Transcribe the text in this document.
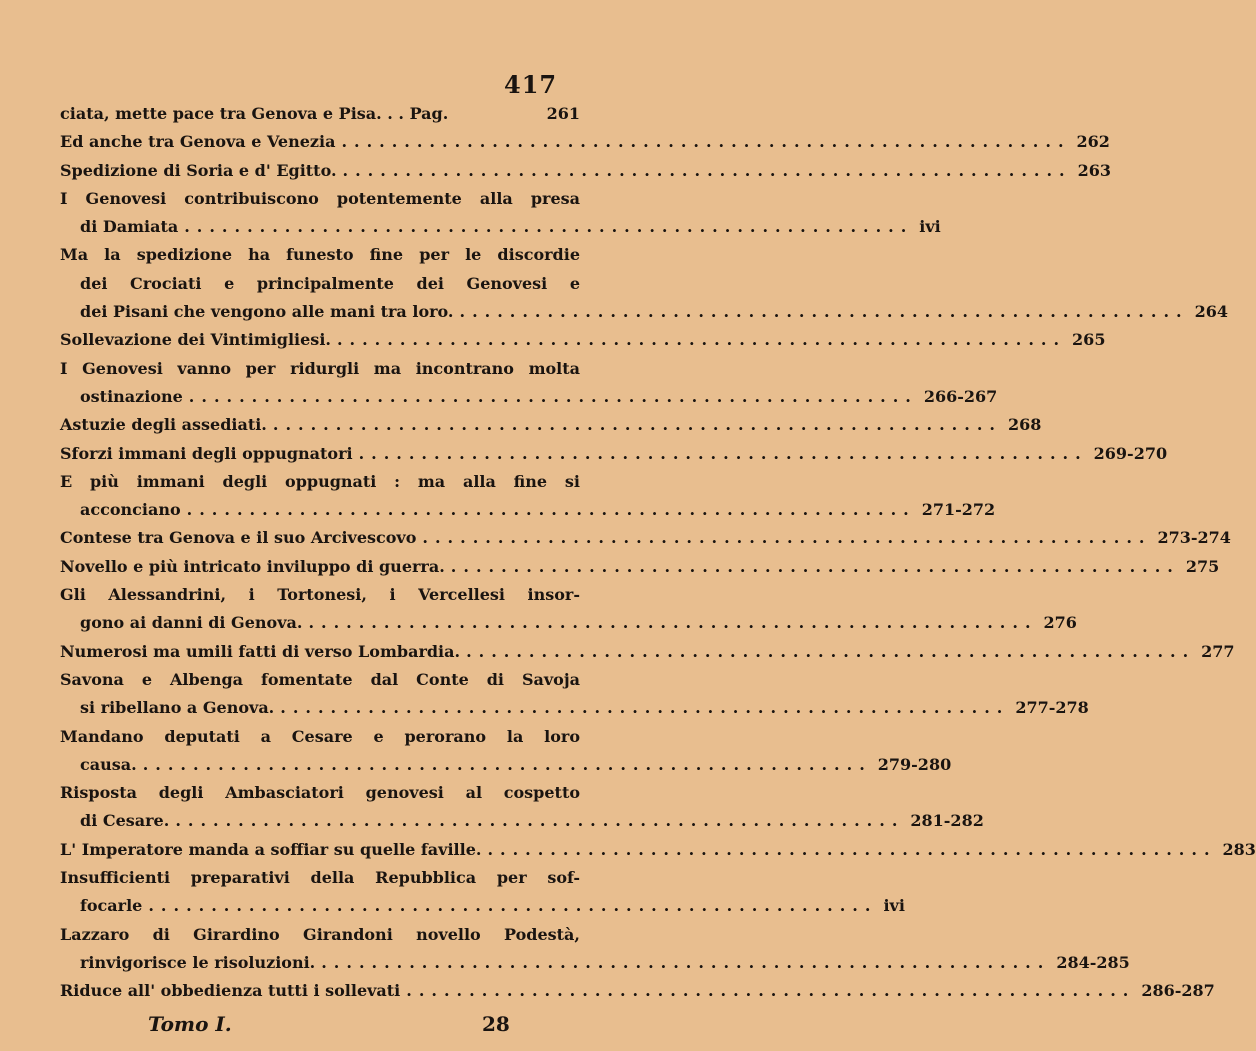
417
ciata, mette pace tra Genova e Pisa. . . Pag.	261
Ed anche tra Genova e Venezia .......................................................... 262
Spedizione di Soria e d' Egitto. .......................................................... 263
I Genovesi contribuiscono potentemente alla presa
di Damiata .......................................................... ivi
Ma la spedizione ha funesto fine per le discordie
dei Crociati e principalmente dei Genovesi e
dei Pisani che vengono alle mani tra loro. .......................................................... 264
Sollevazione dei Vintimigliesi. .......................................................... 265
I Genovesi vanno per ridurgli ma incontrano molta
ostinazione .......................................................... 266-267
Astuzie degli assediati. .......................................................... 268
Sforzi immani degli oppugnatori .......................................................... 269-270
E più immani degli oppugnati : ma alla fine si
acconciano .......................................................... 271-272
Contese tra Genova e il suo Arcivescovo .......................................................... 273-274
Novello e più intricato inviluppo di guerra. .......................................................... 275
Gli Alessandrini, i Tortonesi, i Vercellesi insor-
gono ai danni di Genova. .......................................................... 276
Numerosi ma umili fatti di verso Lombardia. .......................................................... 277
Savona e Albenga fomentate dal Conte di Savoja
si ribellano a Genova. .......................................................... 277-278
Mandano deputati a Cesare e perorano la loro
causa. .......................................................... 279-280
Risposta degli Ambasciatori genovesi al cospetto
di Cesare. .......................................................... 281-282
L' Imperatore manda a soffiar su quelle faville. .......................................................... 283
Insufficienti preparativi della Repubblica per sof-
focarle .......................................................... ivi
Lazzaro di Girardino Girandoni novello Podestà,
rinvigorisce le risoluzioni. .......................................................... 284-285
Riduce all' obbedienza tutti i sollevati .......................................................... 286-287
Tomo I.	28
